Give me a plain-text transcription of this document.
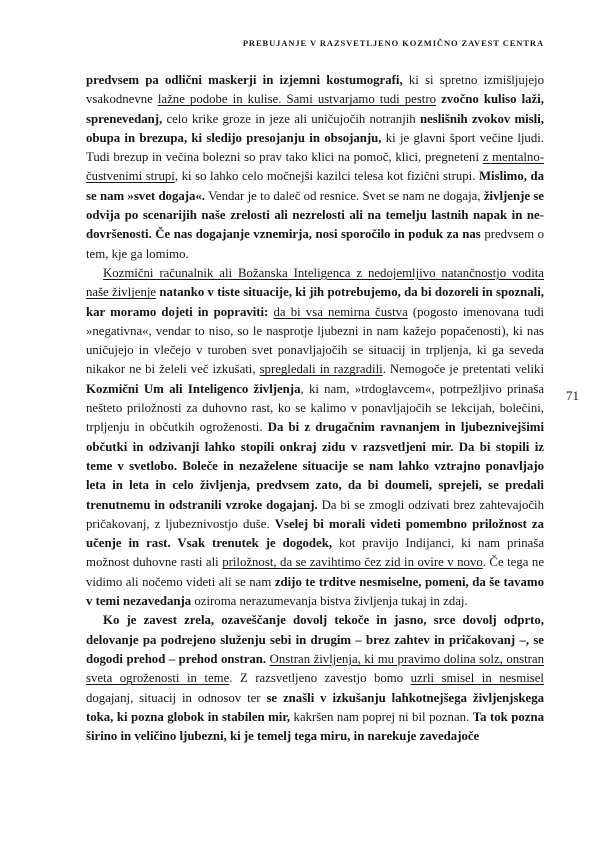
PREBUJANJE V RAZSVETLJENO KOZMIČNO ZAVEST CENTRA
71

predvsem pa odlični maskerji in izjemni kostumografi, ki si spretno izmišljujejo vsakodnevne lažne podobe in kulise. Sami ustvarjamo tudi pestro zvočno kuliso laži, sprenevedanj, celo krike groze in jeze ali uničujočih notranjih neslišnih zvokov misli, obupa in brezupa, ki sledijo presojanju in obsojanju, ki je glavni šport večine ljudi. Tudi brezup in večina bolezni so prav tako klici na pomoč, klici, pregneteni z mentalno-čustvenimi strupi, ki so lahko celo močnejši kazilci telesa kot fizični strupi. Mislimo, da se nam »svet dogaja«. Vendar je to daleč od resnice. Svet se nam ne dogaja, življenje se odvija po scenarijih naše zrelosti ali nezrelosti ali na temelju lastnih napak in ne-dovršenosti. Če nas dogajanje vznemirja, nosi sporočilo in poduk za nas predvsem o tem, kje ga lomimo.

Kozmični računalnik ali Božanska Inteligenca z nedojemljivo natančnostjo vodita naše življenje natanko v tiste situacije, ki jih potrebujemo, da bi dozoreli in spoznali, kar moramo dojeti in popraviti: da bi vsa nemirna čustva (pogosto imenovana tudi »negativna«, vendar to niso, so le nasprotje ljubezni in nam kažejo popačenosti), ki nas uničujejo in vlečejo v turoben svet ponavljajočih se situacij in trpljenja, ki ga seveda nikakor ne bi želeli več izkušati, spregledali in razgradili. Nemogoče je pretentati veliki Kozmični Um ali Inteligenco življenja, ki nam, »trdoglavcem«, potrpežljivo prinaša nešteto priložnosti za duhovno rast, ko se kalimo v ponavljajočih se lekcijah, bolečini, trpljenju in občutkih ogroženosti. Da bi z drugačnim ravnanjem in ljubeznivejšimi občutki in odzivanji lahko stopili onkraj zidu v razsvetljeni mir. Da bi stopili iz teme v svetlobo. Boleče in nezaželene situacije se nam lahko vztrajno ponavljajo leta in leta in celo življenja, predvsem zato, da bi doumeli, sprejeli, se predali trenutnemu in odstranili vzroke dogajanj. Da bi se zmogli odzivati brez zahtevajočih pričakovanj, z ljubeznivostjo duše. Vselej bi morali videti pomembno priložnost za učenje in rast. Vsak trenutek je dogodek, kot pravijo Indijanci, ki nam prinaša možnost duhovne rasti ali priložnost, da se zavihtimo čez zid in ovire v novo. Če tega ne vidimo ali nočemo videti ali se nam zdijo te trditve nesmiselne, pomeni, da še tavamo v temi nezavedanja oziroma nerazumevanja bistva življenja tukaj in zdaj.

Ko je zavest zrela, ozaveščanje dovolj tekoče in jasno, srce dovolj odprto, delovanje pa podrejeno služenju sebi in drugim – brez zahtev in pričakovanj –, se dogodi prehod – prehod onstran. Onstran življenja, ki mu pravimo dolina solz, onstran sveta ogroženosti in teme. Z razsvetljeno zavestjo bomo uzrli smisel in nesmisel dogajanj, situacij in odnosov ter se znašli v izkušanju lahkotnejšega življenjskega toka, ki pozna globok in stabilen mir, kakršen nam poprej ni bil poznan. Ta tok pozna širino in veličino ljubezni, ki je temelj tega miru, in narekuje zavedajoče
